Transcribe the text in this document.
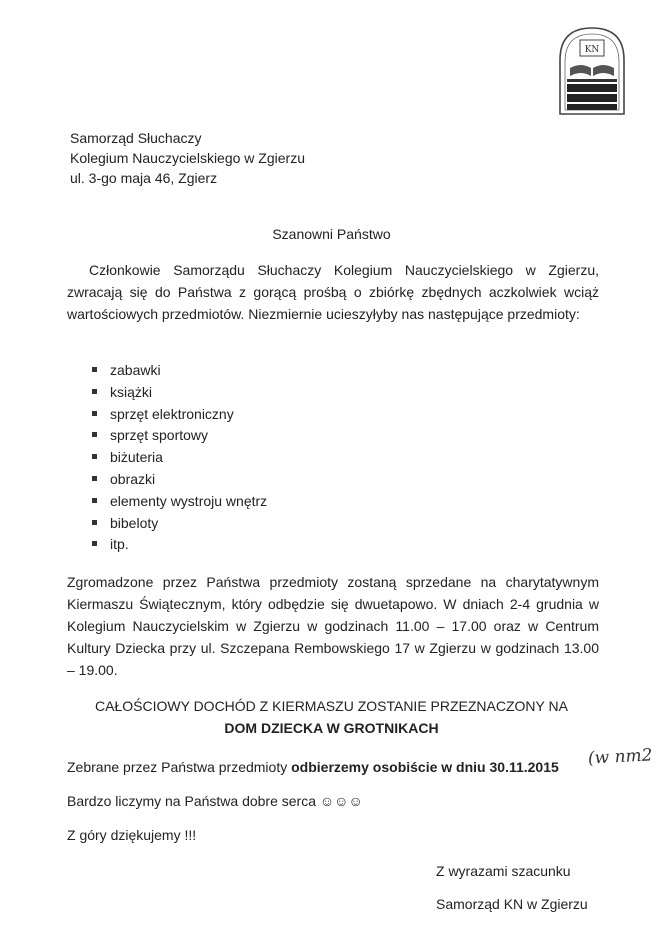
KN
Samorząd Słuchaczy
Kolegium Nauczycielskiego w Zgierzu
ul. 3-go maja 46, Zgierz
Szanowni Państwo
Członkowie Samorządu Słuchaczy Kolegium Nauczycielskiego w Zgierzu, zwracają się do Państwa z gorącą prośbą o zbiórkę zbędnych aczkolwiek wciąż wartościowych przedmiotów. Niezmiernie ucieszyłyby nas następujące przedmioty:
zabawki
książki
sprzęt elektroniczny
sprzęt sportowy
biżuteria
obrazki
elementy wystroju wnętrz
bibeloty
itp.
Zgromadzone przez Państwa przedmioty zostaną sprzedane na charytatywnym Kiermaszu Świątecznym, który odbędzie się dwuetapowo. W dniach 2-4 grudnia w Kolegium Nauczycielskim w Zgierzu w godzinach 11.00 – 17.00 oraz w Centrum Kultury Dziecka przy ul. Szczepana Rembowskiego 17 w Zgierzu w godzinach 13.00 – 19.00.
CAŁOŚCIOWY DOCHÓD Z KIERMASZU ZOSTANIE PRZEZNACZONY NA
DOM DZIECKA W GROTNIKACH
Zebrane przez Państwa przedmioty odbierzemy osobiście w dniu 30.11.2015 (w nm2
Bardzo liczymy na Państwa dobre serca ☺☺☺
Z góry dziękujemy !!!
Z wyrazami szacunku
Samorząd KN w Zgierzu
